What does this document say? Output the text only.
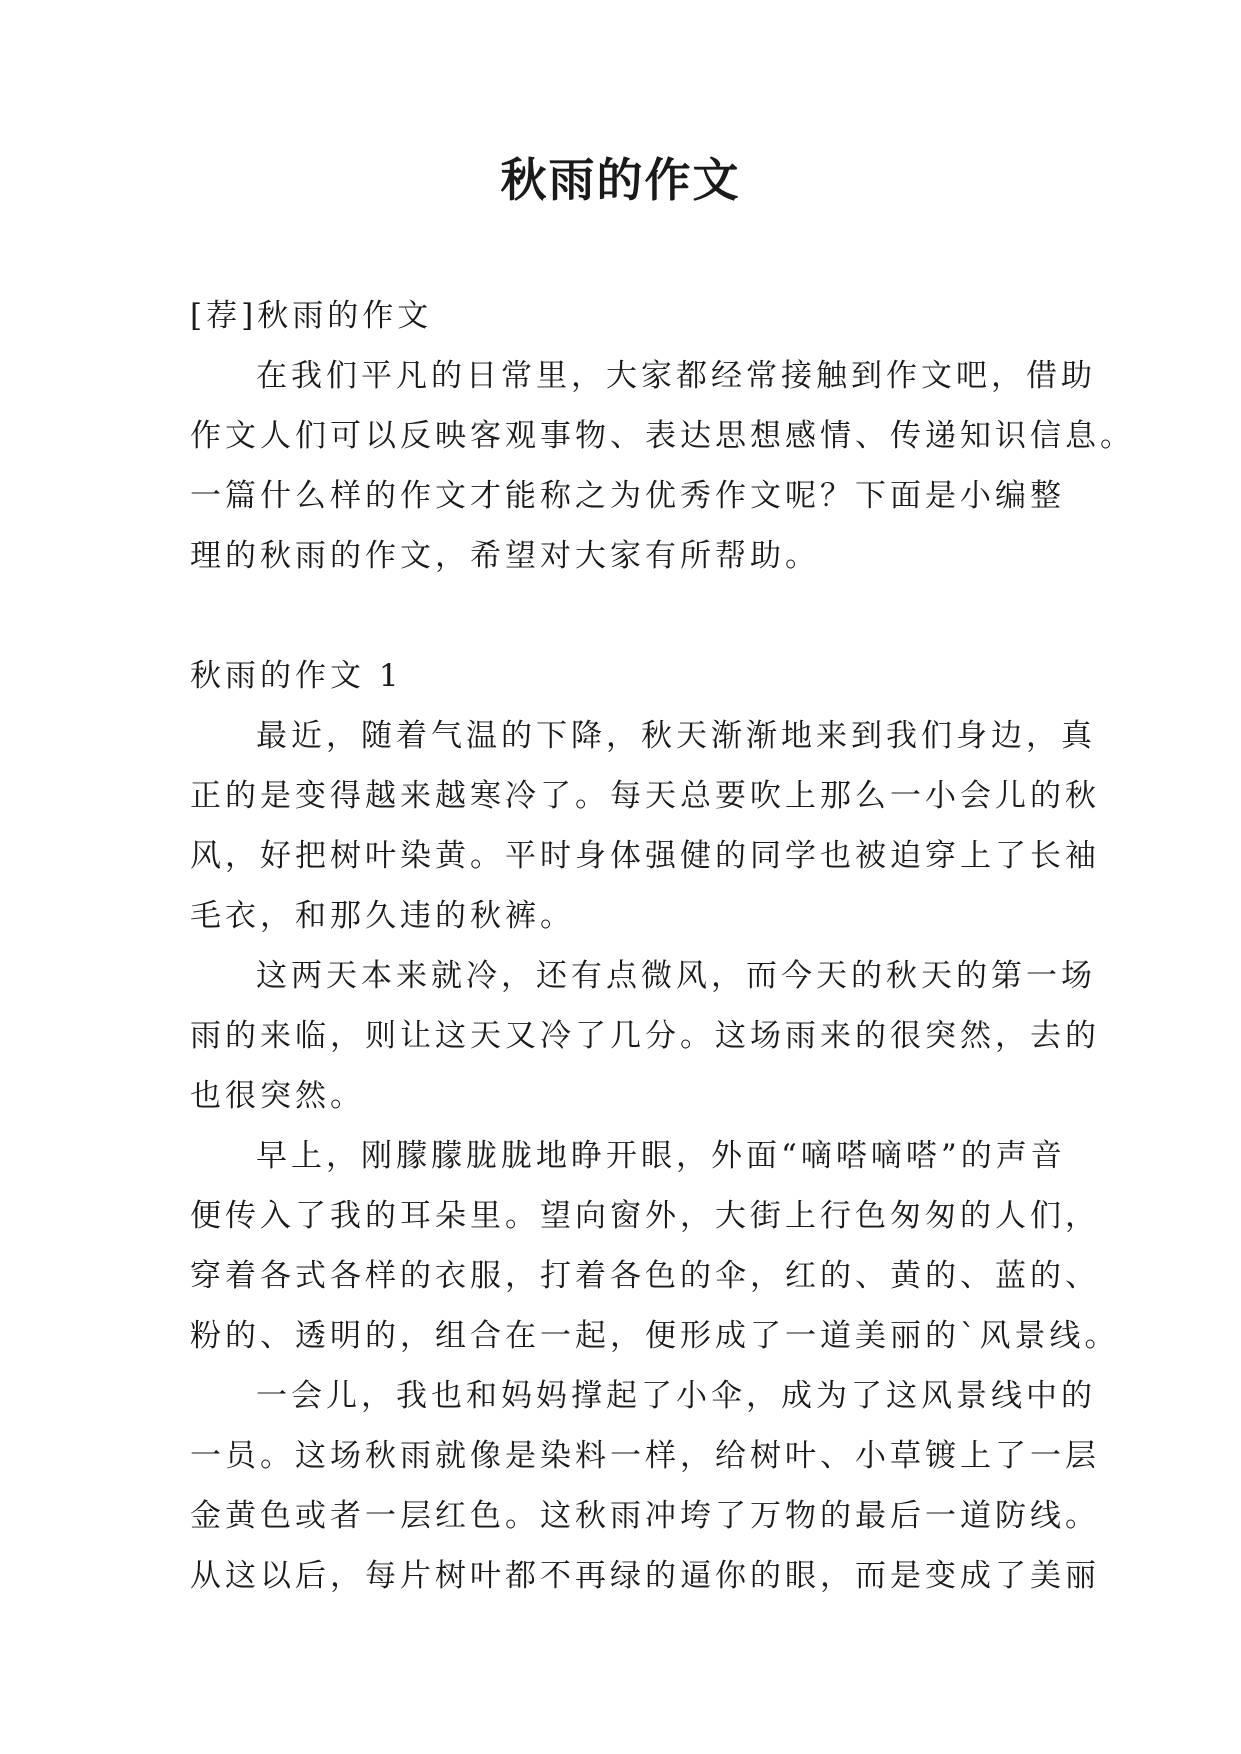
秋雨的作文
[荐]秋雨的作文
在我们平凡的日常里，大家都经常接触到作文吧，借助
作文人们可以反映客观事物、表达思想感情、传递知识信息。
一篇什么样的作文才能称之为优秀作文呢？下面是小编整
理的秋雨的作文，希望对大家有所帮助。
秋雨的作文 1
最近，随着气温的下降，秋天渐渐地来到我们身边，真
正的是变得越来越寒冷了。每天总要吹上那么一小会儿的秋
风，好把树叶染黄。平时身体强健的同学也被迫穿上了长袖
毛衣，和那久违的秋裤。
这两天本来就冷，还有点微风，而今天的秋天的第一场
雨的来临，则让这天又冷了几分。这场雨来的很突然，去的
也很突然。
早上，刚朦朦胧胧地睁开眼，外面“嘀嗒嘀嗒”的声音
便传入了我的耳朵里。望向窗外，大街上行色匆匆的人们，
穿着各式各样的衣服，打着各色的伞，红的、黄的、蓝的、
粉的、透明的，组合在一起，便形成了一道美丽的`风景线。
一会儿，我也和妈妈撑起了小伞，成为了这风景线中的
一员。这场秋雨就像是染料一样，给树叶、小草镀上了一层
金黄色或者一层红色。这秋雨冲垮了万物的最后一道防线。
从这以后，每片树叶都不再绿的逼你的眼，而是变成了美丽
